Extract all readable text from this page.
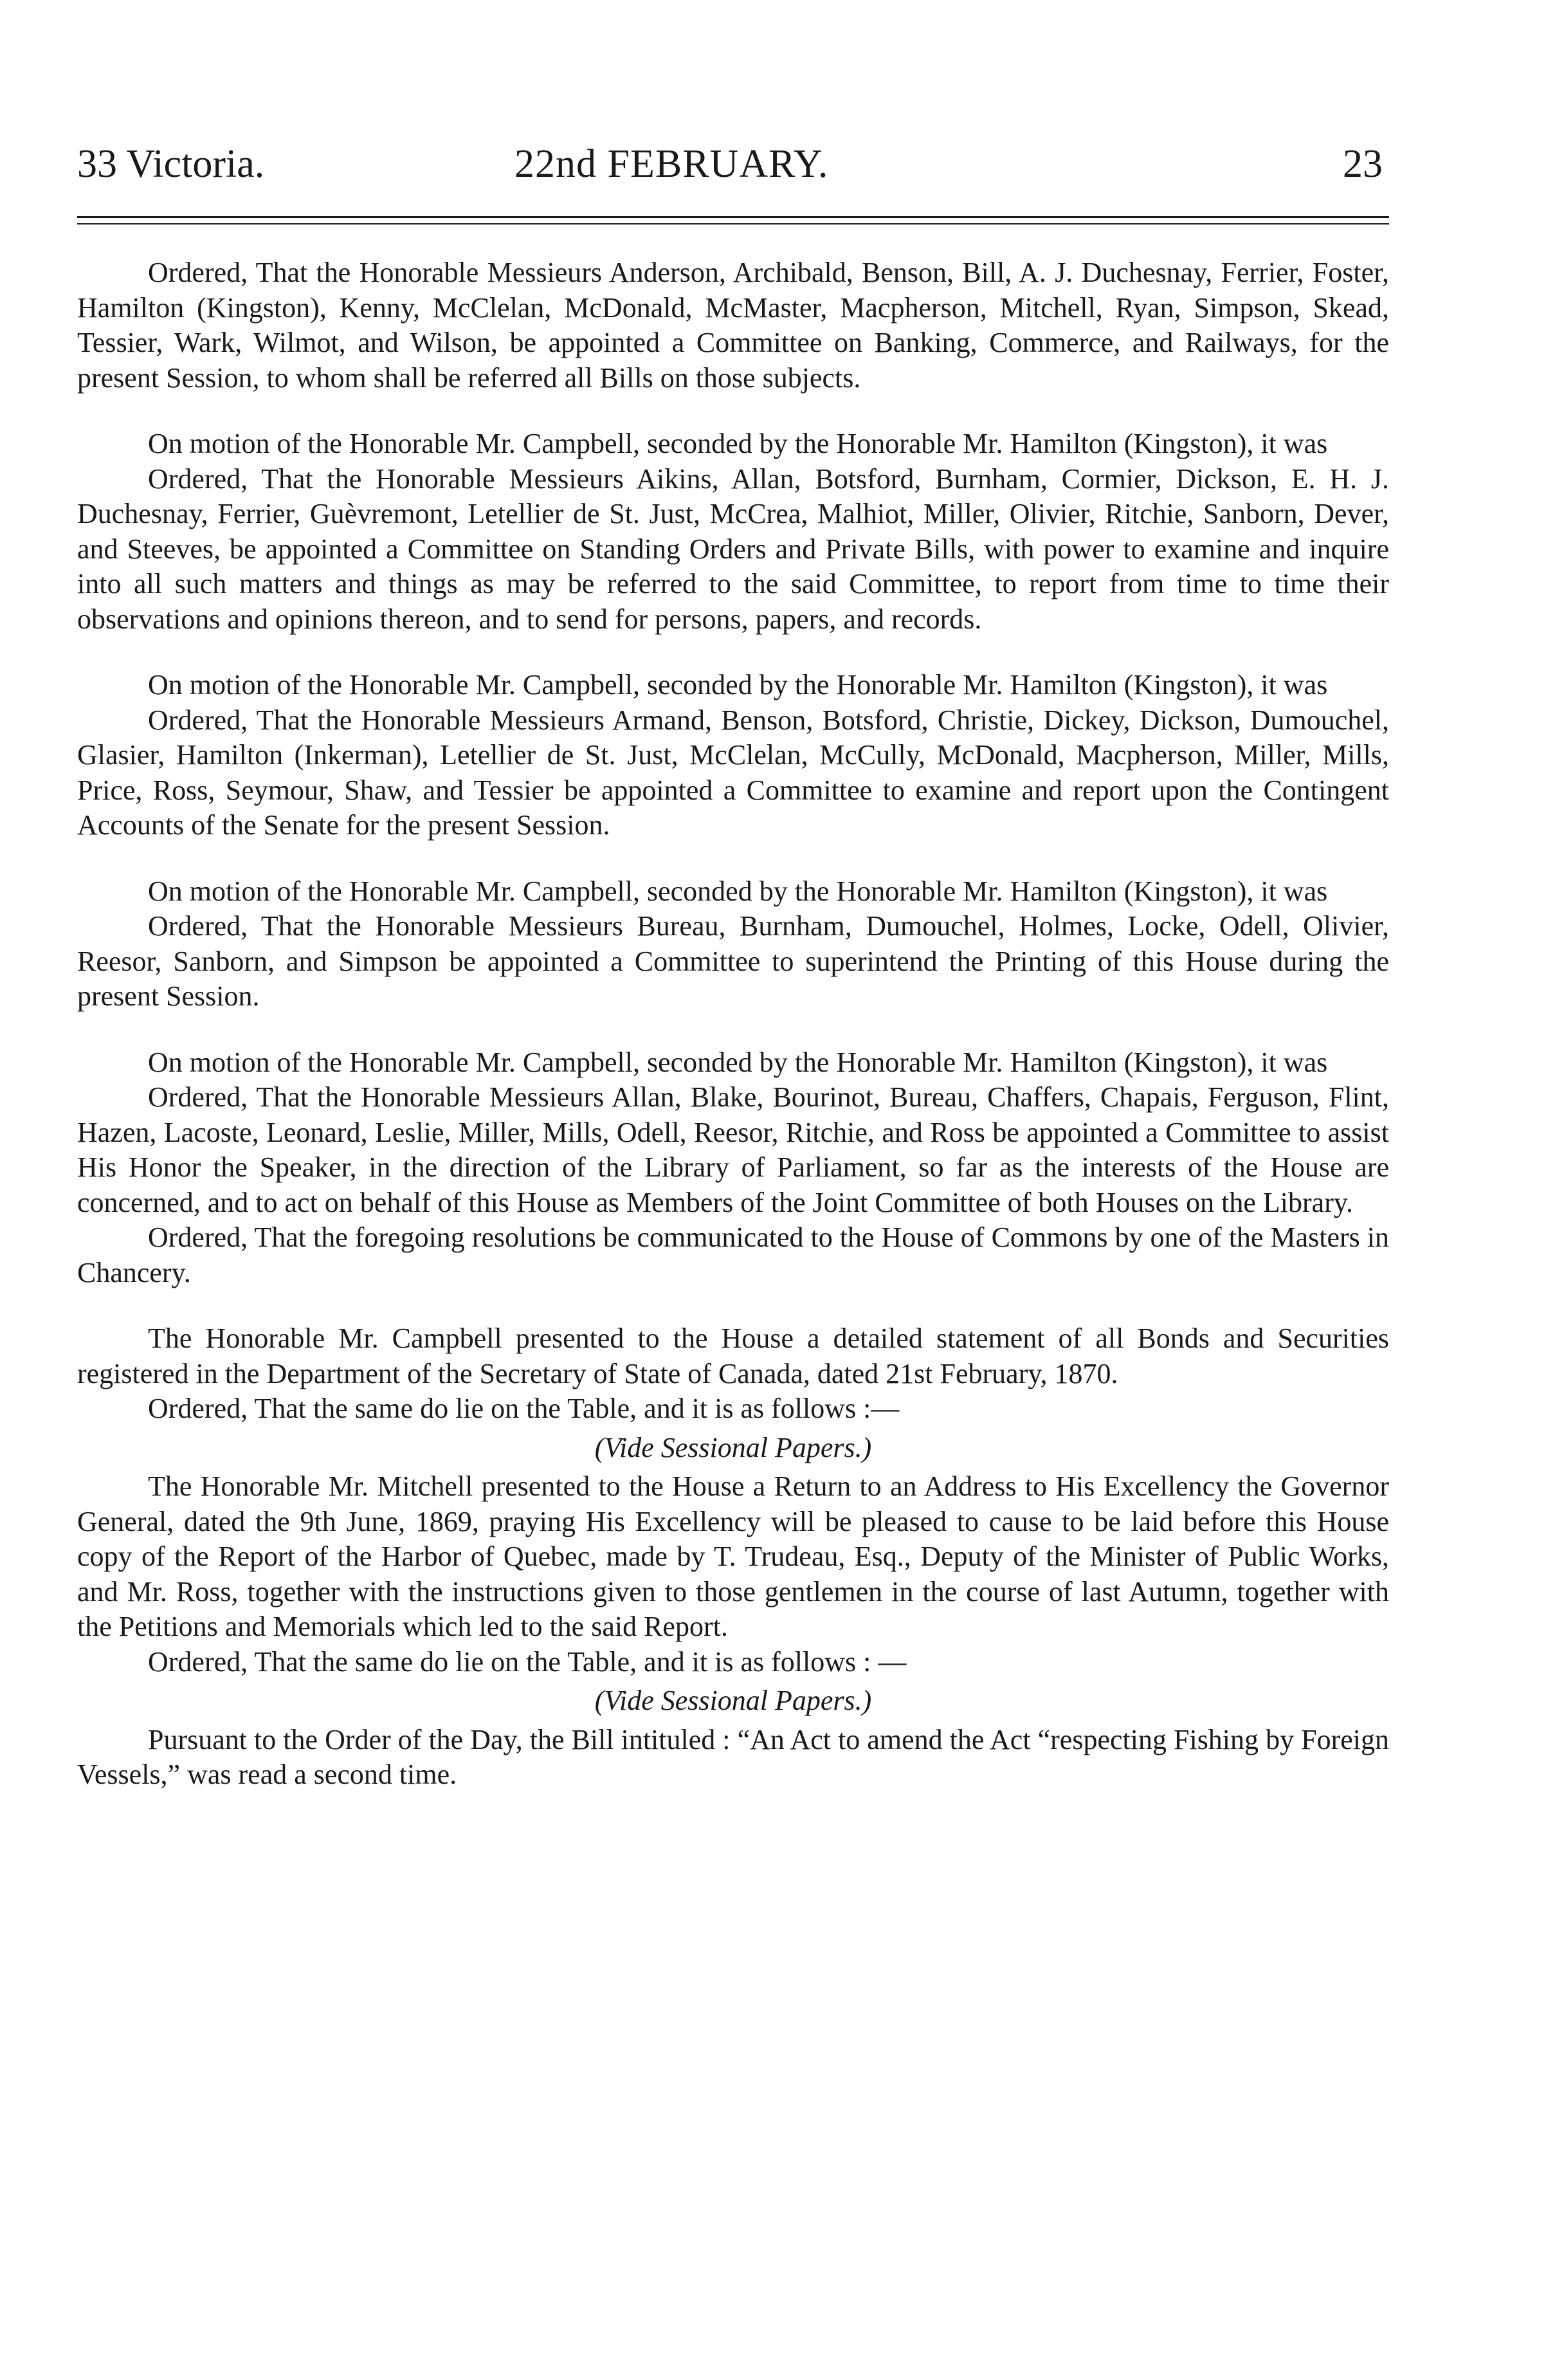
33 Victoria.	22nd FEBRUARY.	23

Ordered, That the Honorable Messieurs Anderson, Archibald, Benson, Bill, A. J. Duchesnay, Ferrier, Foster, Hamilton (Kingston), Kenny, McClelan, McDonald, McMaster, Macpherson, Mitchell, Ryan, Simpson, Skead, Tessier, Wark, Wilmot, and Wilson, be appointed a Committee on Banking, Commerce, and Railways, for the present Session, to whom shall be referred all Bills on those subjects.

On motion of the Honorable Mr. Campbell, seconded by the Honorable Mr. Hamilton (Kingston), it was

Ordered, That the Honorable Messieurs Aikins, Allan, Botsford, Burnham, Cormier, Dickson, E. H. J. Duchesnay, Ferrier, Guèvremont, Letellier de St. Just, McCrea, Malhiot, Miller, Olivier, Ritchie, Sanborn, Dever, and Steeves, be appointed a Committee on Standing Orders and Private Bills, with power to examine and inquire into all such matters and things as may be referred to the said Committee, to report from time to time their observations and opinions thereon, and to send for persons, papers, and records.

On motion of the Honorable Mr. Campbell, seconded by the Honorable Mr. Hamilton (Kingston), it was

Ordered, That the Honorable Messieurs Armand, Benson, Botsford, Christie, Dickey, Dickson, Dumouchel, Glasier, Hamilton (Inkerman), Letellier de St. Just, McClelan, McCully, McDonald, Macpherson, Miller, Mills, Price, Ross, Seymour, Shaw, and Tessier be appointed a Committee to examine and report upon the Contingent Accounts of the Senate for the present Session.

On motion of the Honorable Mr. Campbell, seconded by the Honorable Mr. Hamilton (Kingston), it was

Ordered, That the Honorable Messieurs Bureau, Burnham, Dumouchel, Holmes, Locke, Odell, Olivier, Reesor, Sanborn, and Simpson be appointed a Committee to superintend the Printing of this House during the present Session.

On motion of the Honorable Mr. Campbell, seconded by the Honorable Mr. Hamilton (Kingston), it was

Ordered, That the Honorable Messieurs Allan, Blake, Bourinot, Bureau, Chaffers, Chapais, Ferguson, Flint, Hazen, Lacoste, Leonard, Leslie, Miller, Mills, Odell, Reesor, Ritchie, and Ross be appointed a Committee to assist His Honor the Speaker, in the direction of the Library of Parliament, so far as the interests of the House are concerned, and to act on behalf of this House as Members of the Joint Committee of both Houses on the Library.

Ordered, That the foregoing resolutions be communicated to the House of Commons by one of the Masters in Chancery.

The Honorable Mr. Campbell presented to the House a detailed statement of all Bonds and Securities registered in the Department of the Secretary of State of Canada, dated 21st February, 1870.

Ordered, That the same do lie on the Table, and it is as follows :—

(Vide Sessional Papers.)

The Honorable Mr. Mitchell presented to the House a Return to an Address to His Excellency the Governor General, dated the 9th June, 1869, praying His Excellency will be pleased to cause to be laid before this House copy of the Report of the Harbor of Quebec, made by T. Trudeau, Esq., Deputy of the Minister of Public Works, and Mr. Ross, together with the instructions given to those gentlemen in the course of last Autumn, together with the Petitions and Memorials which led to the said Report.

Ordered, That the same do lie on the Table, and it is as follows : —

(Vide Sessional Papers.)

Pursuant to the Order of the Day, the Bill intituled : “An Act to amend the Act “respecting Fishing by Foreign Vessels,” was read a second time.
